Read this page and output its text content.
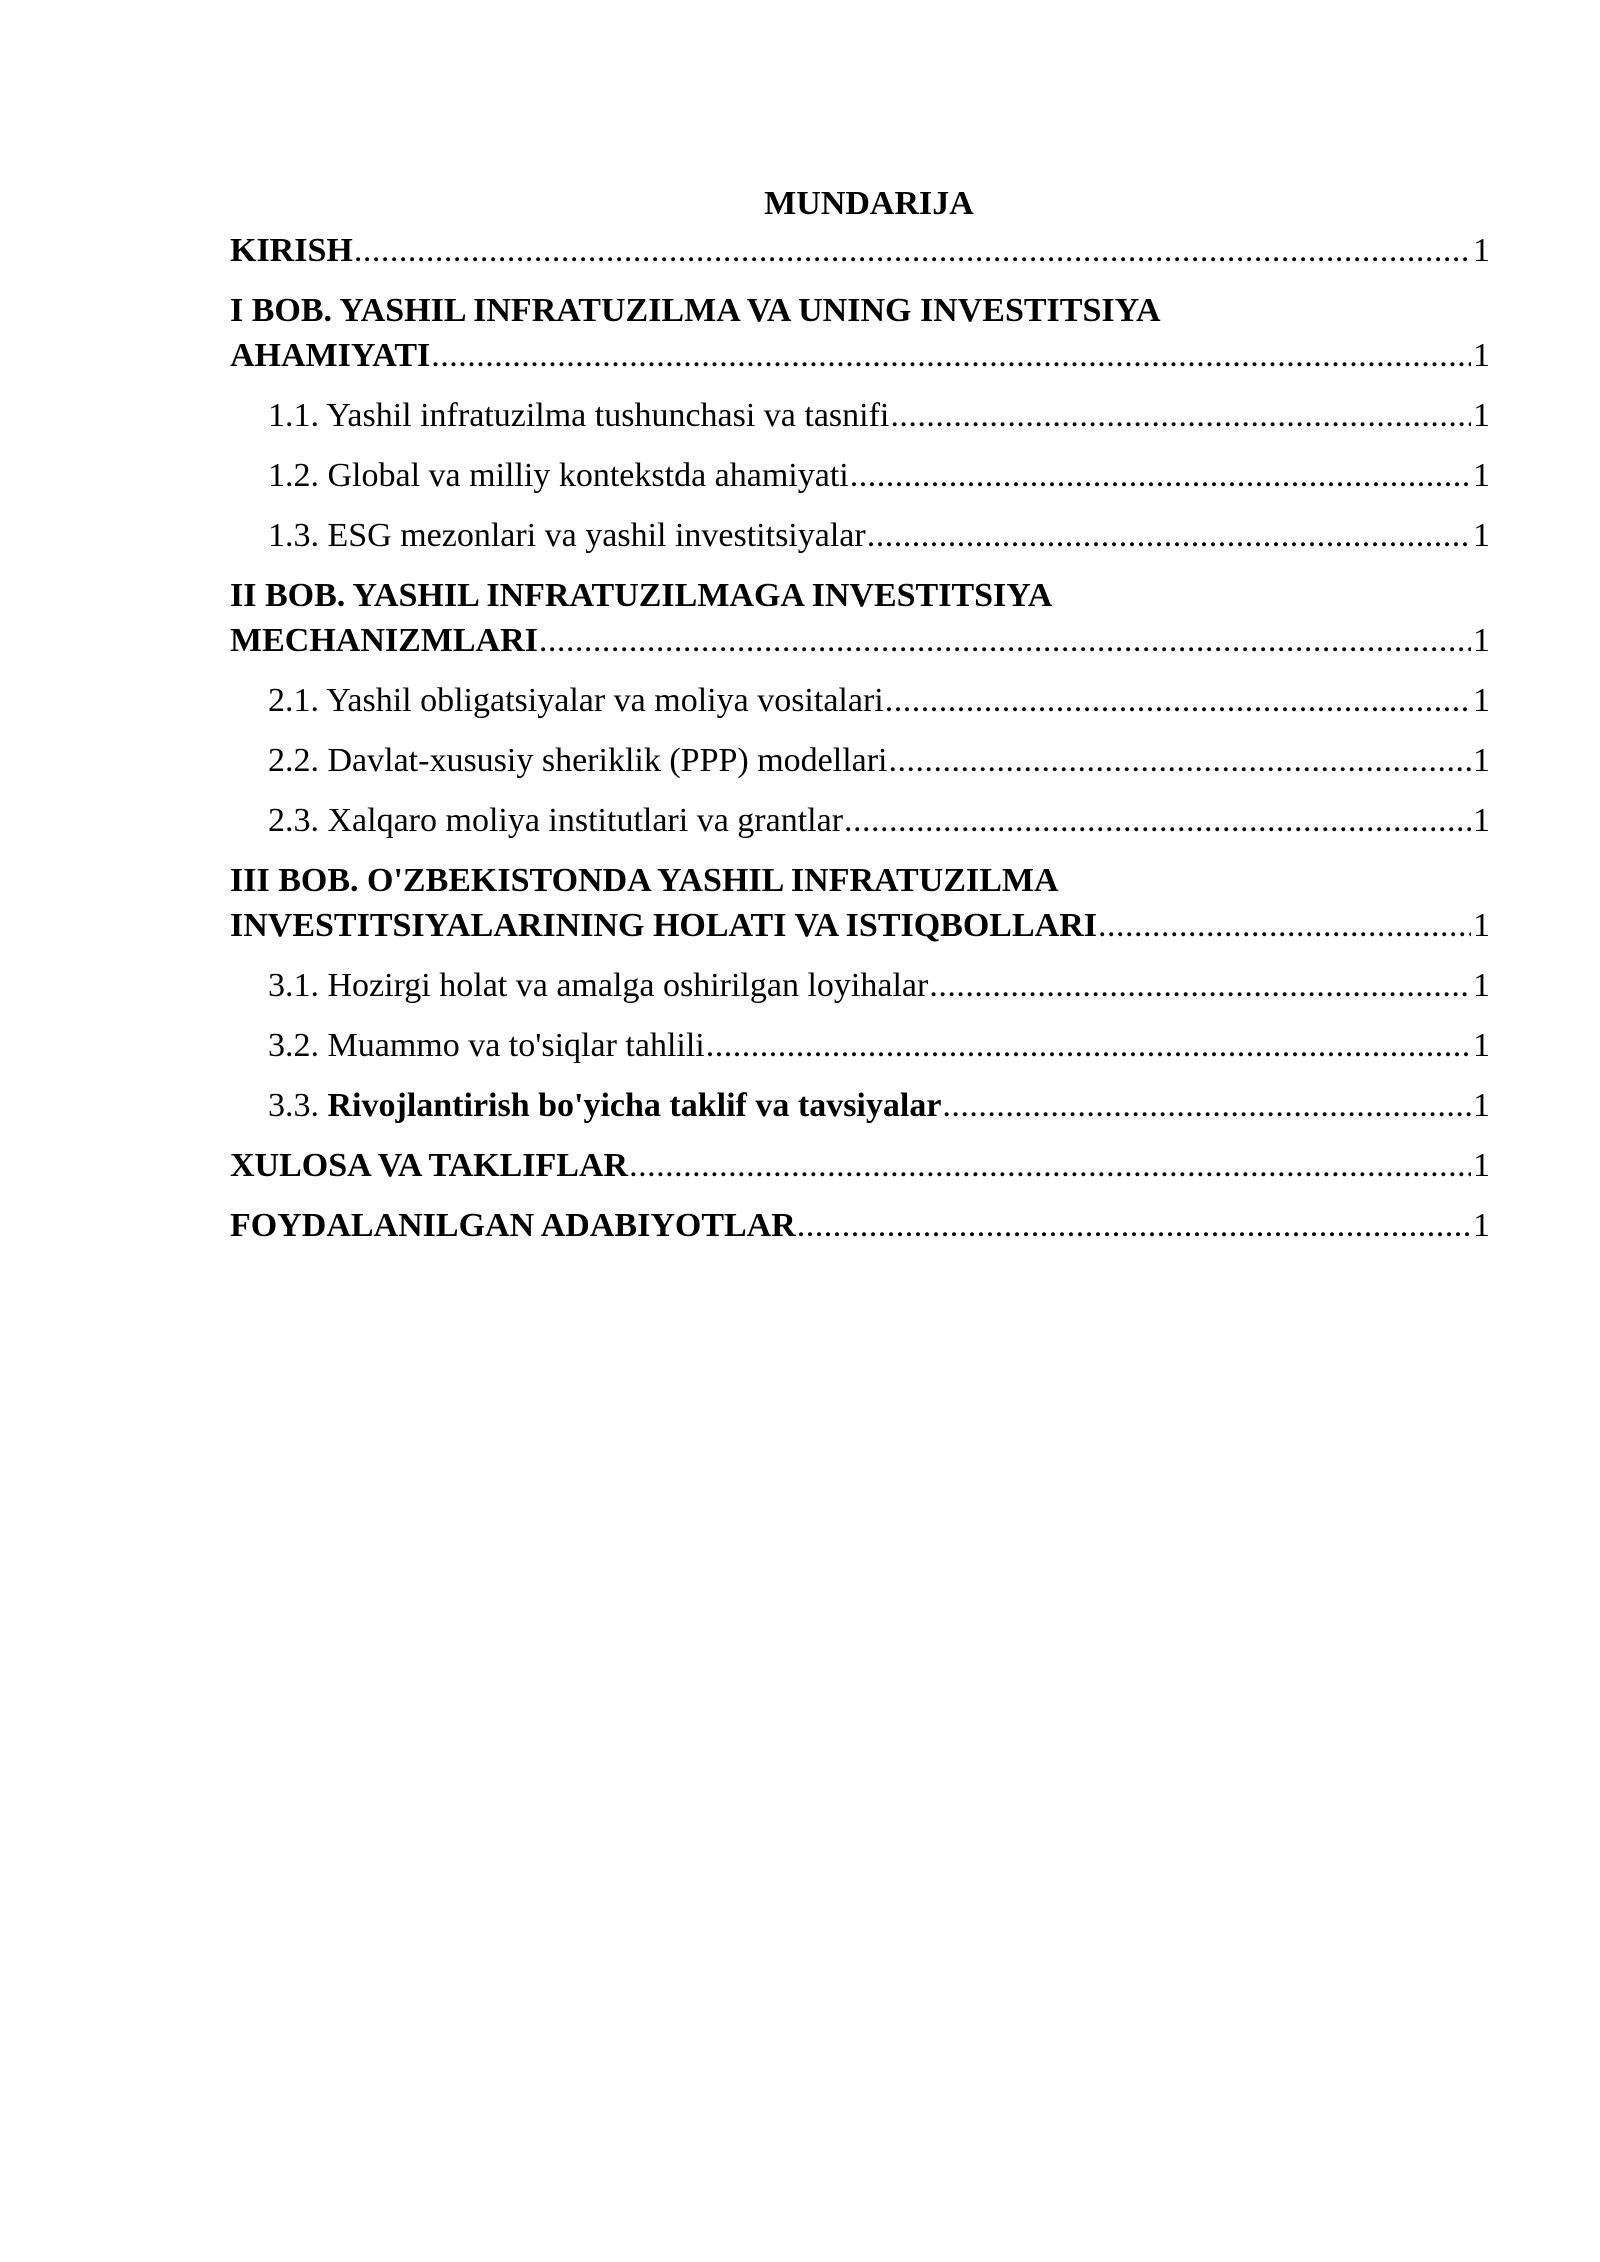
MUNDARIJA
KIRISH .....	1
I BOB. YASHIL INFRATUZILMA VA UNING INVESTITSIYA
AHAMIYATI .....	1
1.1. Yashil infratuzilma tushunchasi va tasnifi .....	1
1.2. Global va milliy kontekstda ahamiyati .....	1
1.3. ESG mezonlari va yashil investitsiyalar .....	1
II BOB. YASHIL INFRATUZILMAGA INVESTITSIYA
MECHANIZMLARI .....	1
2.1. Yashil obligatsiyalar va moliya vositalari .....	1
2.2. Davlat-xususiy sheriklik (PPP) modellari .....	1
2.3. Xalqaro moliya institutlari va grantlar .....	1
III BOB. O'ZBEKISTONDA YASHIL INFRATUZILMA
INVESTITSIYALARINING HOLATI VA ISTIQBOLLARI .....	1
3.1. Hozirgi holat va amalga oshirilgan loyihalar .....	1
3.2. Muammo va to'siqlar tahlili .....	1
3.3. Rivojlantirish bo'yicha taklif va tavsiyalar .....	1
XULOSA VA TAKLIFLAR .....	1
FOYDALANILGAN ADABIYOTLAR .....	1
